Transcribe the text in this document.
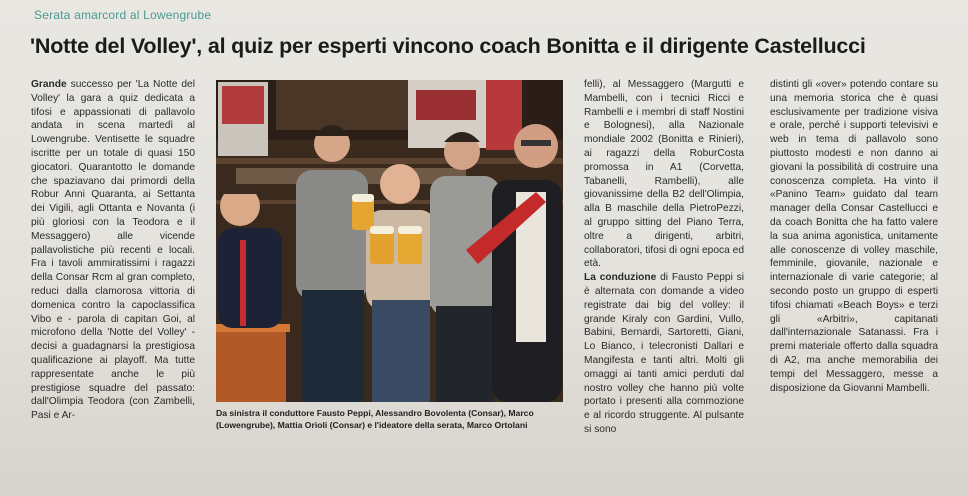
Serata amarcord al Lowengrube
'Notte del Volley', al quiz per esperti vincono coach Bonitta e il dirigente Castellucci

Grande successo per 'La Notte del Volley' la gara a quiz dedicata a tifosi e appassionati di pallavolo andata in scena martedì al Lowengrube. Ventisette le squadre iscritte per un totale di quasi 150 giocatori. Quarantotto le domande che spaziavano dai primordi della Robur Anni Quaranta, ai Settanta dei Vigili, agli Ottanta e Novanta (i più gloriosi con la Teodora e il Messaggero) alle vicende pallavolistiche più recenti e locali. Fra i tavoli ammiratissimi i ragazzi della Consar Rcm al gran completo, reduci dalla clamorosa vittoria di domenica contro la capoclassifica Vibo e - parola di capitan Goi, al microfono della 'Notte del Volley' - decisi a guadagnarsi la prestigiosa qualificazione ai playoff. Ma tutte rappresentate anche le più prestigiose squadre del passato: dall'Olimpia Teodora (con Zambelli, Pasi e Ar-	Da sinistra il conduttore Fausto Peppi, Alessandro Bovolenta (Consar), Marco (Lowengrube), Mattia Orioli (Consar) e l'ideatore della serata, Marco Ortolani

felli), al Messaggero (Margutti e Mambelli, con i tecnici Ricci e Rambelli e i membri di staff Nostini e Bolognesi), alla Nazionale mondiale 2002 (Bonitta e Rinieri), ai ragazzi della RoburCosta promossa in A1 (Corvetta, Tabanelli, Rambelli), alle giovanissime della B2 dell'Olimpia, alla B maschile della PietroPezzi, al gruppo sitting del Piano Terra, oltre a dirigenti, arbitri, collaboratori, tifosi di ogni epoca ed età.

La conduzione di Fausto Peppi si è alternata con domande a video registrate dai big del volley: il grande Kiraly con Gardini, Vullo, Babini, Bernardi, Sartoretti, Giani, Lo Bianco, i telecronisti Dallari e Mangifesta e tanti altri. Molti gli omaggi ai tanti amici perduti dal nostro volley che hanno più volte portato i presenti alla commozione e al ricordo struggente. Al pulsante si sono

distinti gli «over» potendo contare su una memoria storica che è quasi esclusivamente per tradizione visiva e orale, perché i supporti televisivi e web in tema di pallavolo sono piuttosto modesti e non danno ai giovani la possibilità di costruire una conoscenza completa. Ha vinto il «Panino Team» guidato dal team manager della Consar Castellucci e da coach Bonitta che ha fatto valere la sua anima agonistica, unitamente alle conoscenze di volley maschile, femminile, giovanile, nazionale e internazionale di varie categorie; al secondo posto un gruppo di esperti tifosi chiamati «Beach Boys» e terzi gli «Arbitri», capitanati dall'internazionale Satanassi. Fra i premi materiale offerto dalla squadra di A2, ma anche memorabilia dei tempi del Messaggero, messe a disposizione da Giovanni Mambelli.
